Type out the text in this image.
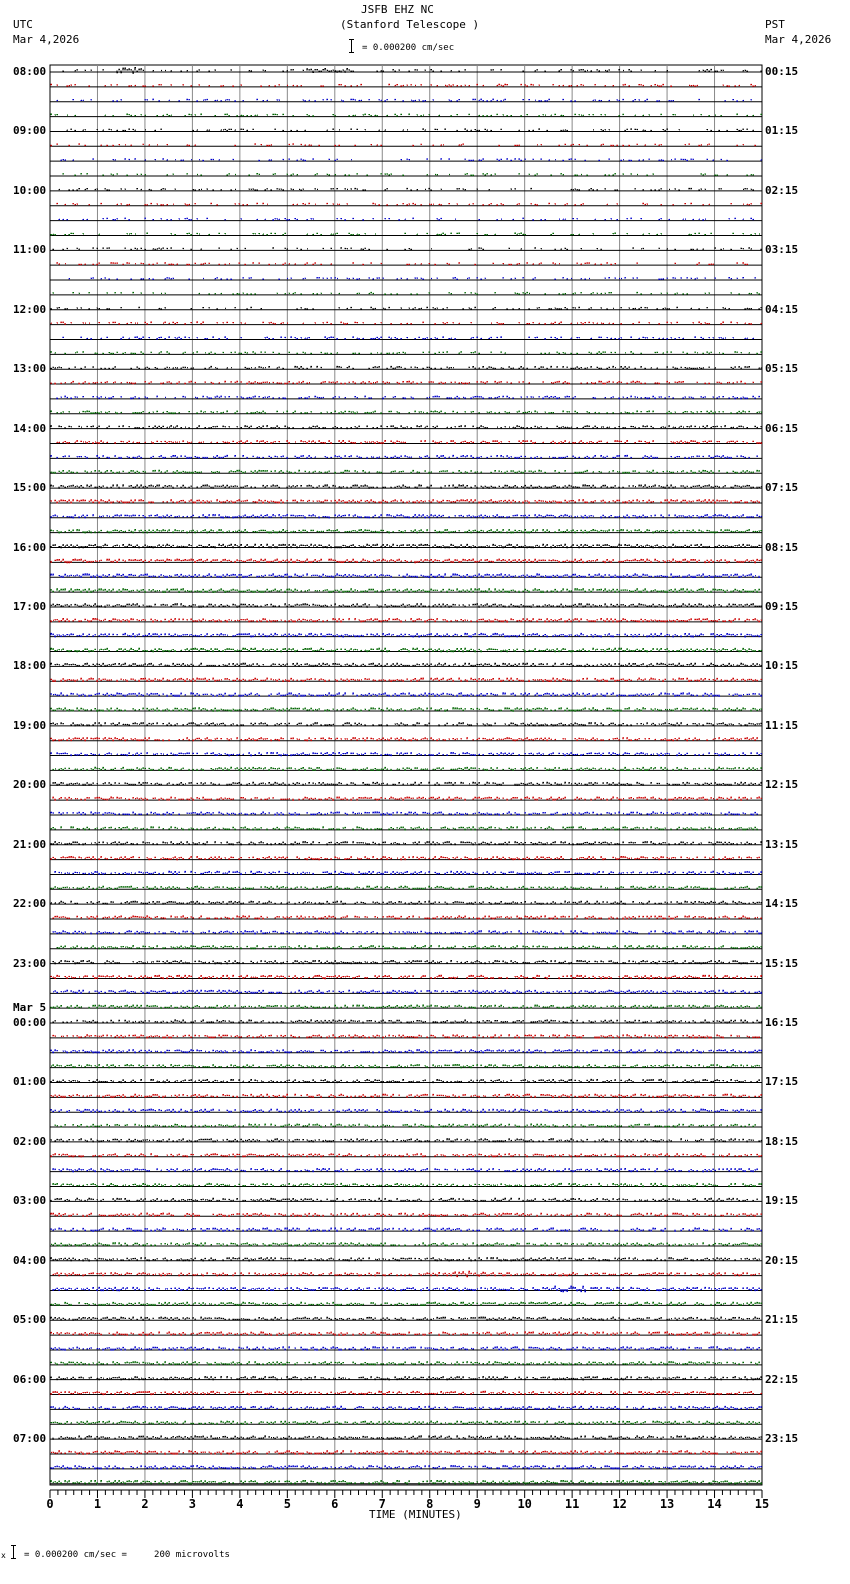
JSFB EHZ NC
(Stanford Telescope )
UTC
Mar 4,2026
PST
Mar 4,2026
= 0.000200 cm/sec
0	1	2	3	4	5	6	7	8	9	10	11	12	13	14	15
08:00
09:00
10:00
11:00
12:00
13:00
14:00
15:00
16:00
17:00
18:00
19:00
20:00
21:00
22:00
23:00
Mar 5
00:00
01:00
02:00
03:00
04:00
05:00
06:00
07:00
00:15
01:15
02:15
03:15
04:15
05:15
06:15
07:15
08:15
09:15
10:15
11:15
12:15
13:15
14:15
15:15
16:15
17:15
18:15
19:15
20:15
21:15
22:15
23:15
TIME (MINUTES)
x = 0.000200 cm/sec =     200 microvolts
